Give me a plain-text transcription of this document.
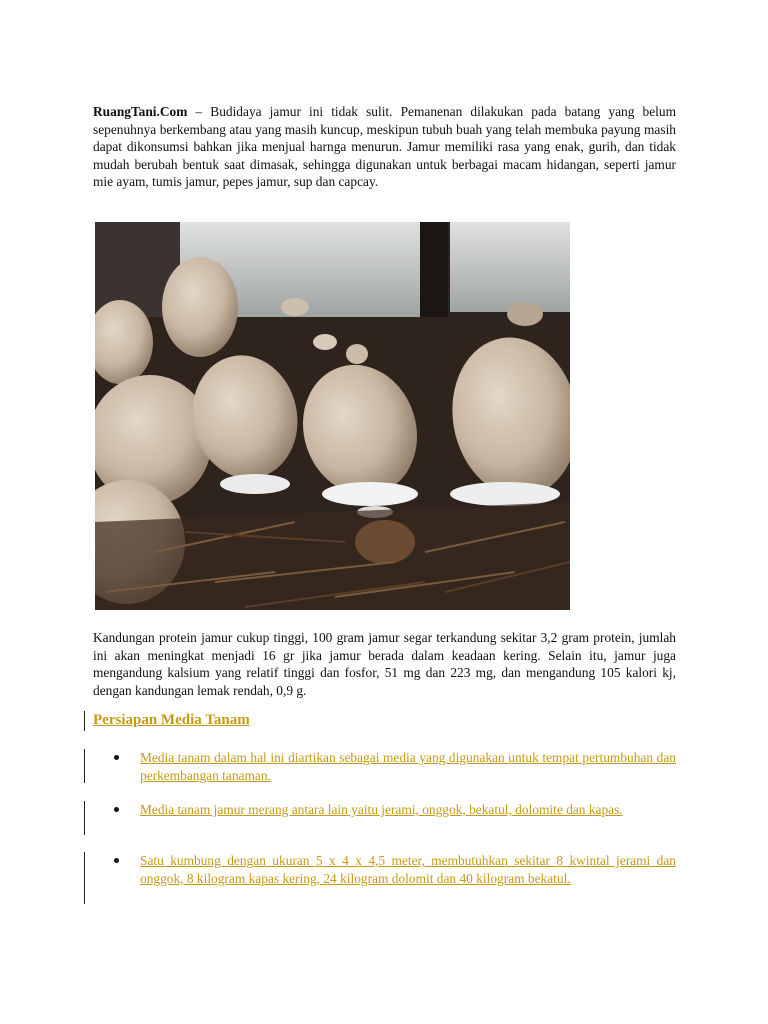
RuangTani.Com – Budidaya jamur ini tidak sulit. Pemanenan dilakukan pada batang yang belum sepenuhnya berkembang atau yang masih kuncup, meskipun tubuh buah yang telah membuka payung masih dapat dikonsumsi bahkan jika menjual harnga menurun. Jamur memiliki rasa yang enak, gurih, dan tidak mudah berubah bentuk saat dimasak, sehingga digunakan untuk berbagai macam hidangan, seperti jamur mie ayam, tumis jamur, pepes jamur, sup dan capcay.

Kandungan protein jamur cukup tinggi, 100 gram jamur segar terkandung sekitar 3,2 gram protein, jumlah ini akan meningkat menjadi 16 gr jika jamur berada dalam keadaan kering. Selain itu, jamur juga mengandung kalsium yang relatif tinggi dan fosfor, 51 mg dan 223 mg, dan mengandung 105 kalori kj, dengan kandungan lemak rendah, 0,9 g.

Persiapan Media Tanam

Media tanam dalam hal ini diartikan sebagai media yang digunakan untuk tempat pertumbuhan dan perkembangan tanaman.

Media tanam jamur merang antara lain yaitu jerami, onggok, bekatul, dolomite dan kapas.

Satu kumbung dengan ukuran 5 x 4 x 4,5 meter, membutuhkan sekitar 8 kwintal jerami dan onggok, 8 kilogram kapas kering, 24 kilogram dolomit dan 40 kilogram bekatul.
